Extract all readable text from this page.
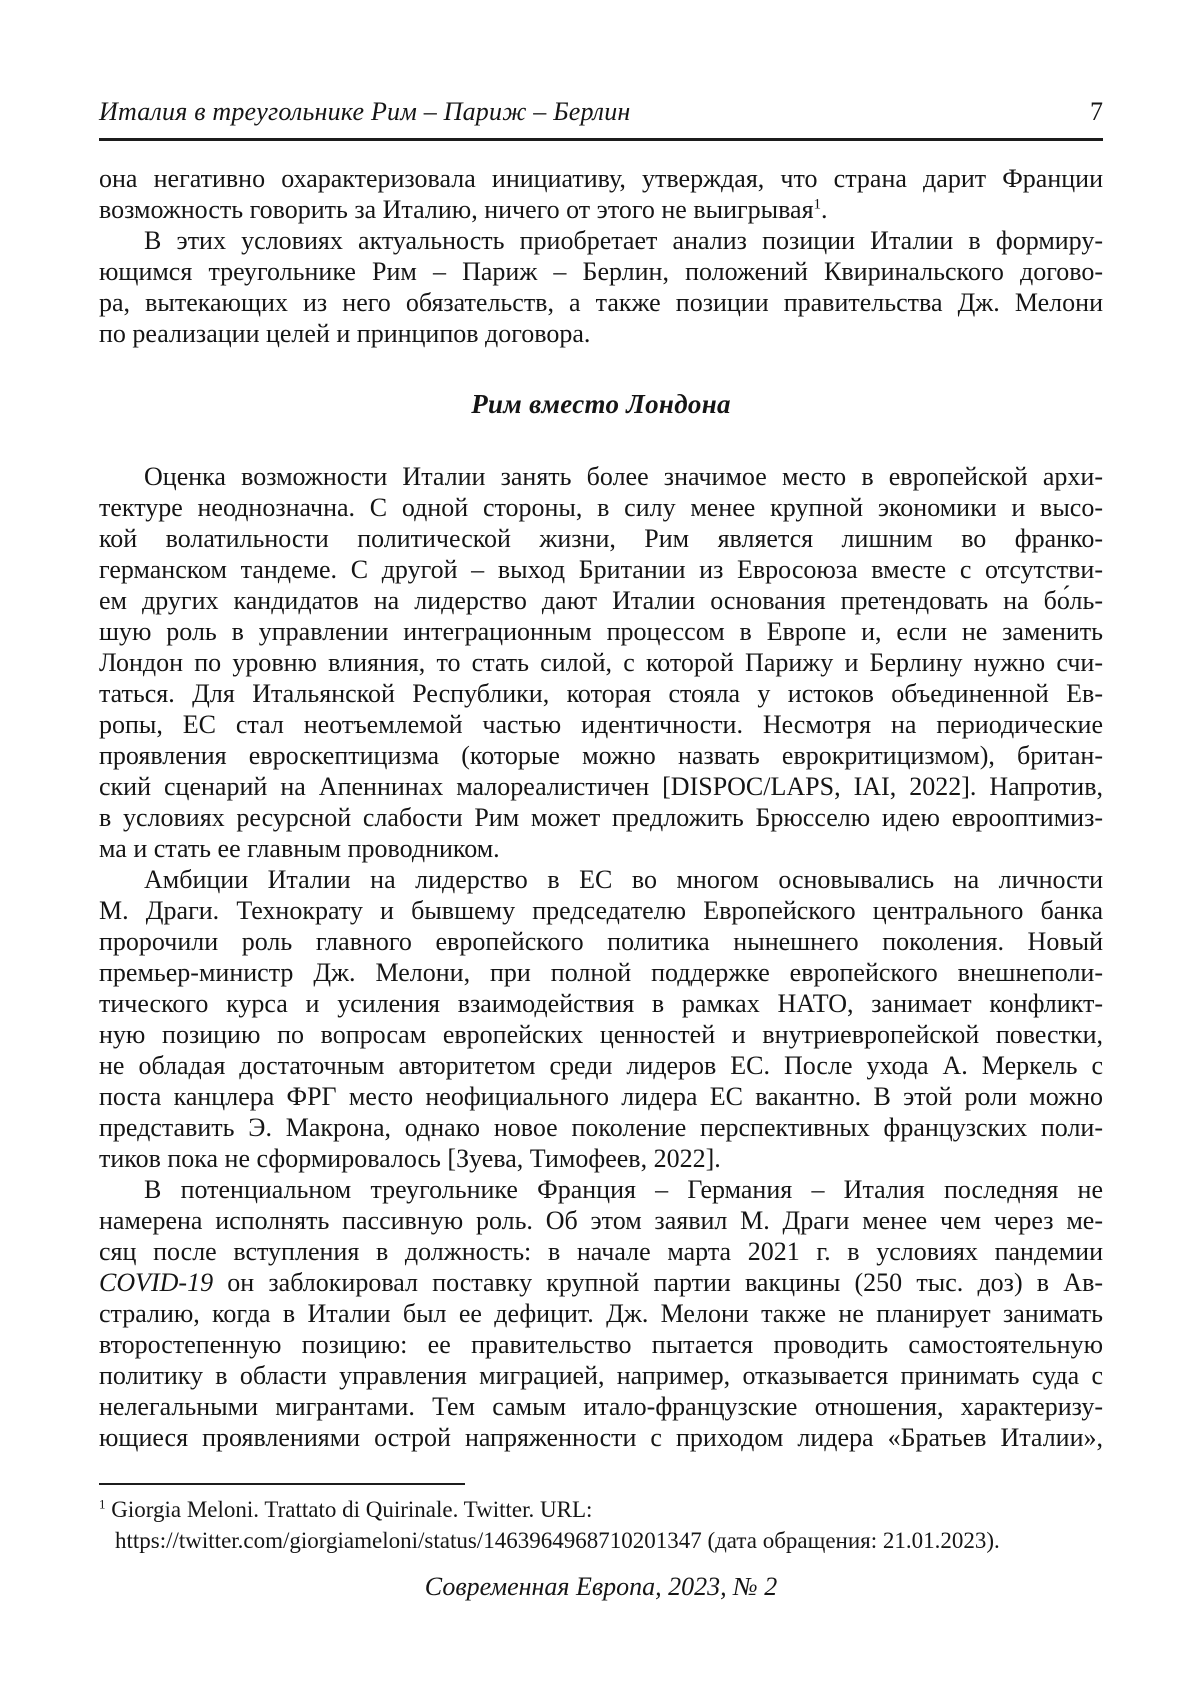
Италия в треугольнике Рим – Париж – Берлин	7
она негативно охарактеризовала инициативу, утверждая, что страна дарит Франции
возможность говорить за Италию, ничего от этого не выигрывая$^1$.
В этих условиях актуальность приобретает анализ позиции Италии в формиру-
ющимся треугольнике Рим – Париж – Берлин, положений Квиринальского догово-
ра, вытекающих из него обязательств, а также позиции правительства Дж. Мелони
по реализации целей и принципов договора.
Рим вместо Лондона
Оценка возможности Италии занять более значимое место в европейской архи-
тектуре неоднозначна. С одной стороны, в силу менее крупной экономики и высо-
кой волатильности политической жизни, Рим является лишним во франко-
германском тандеме. С другой – выход Британии из Евросоюза вместе с отсутстви-
ем других кандидатов на лидерство дают Италии основания претендовать на бо́ль-
шую роль в управлении интеграционным процессом в Европе и, если не заменить
Лондон по уровню влияния, то стать силой, с которой Парижу и Берлину нужно счи-
таться. Для Итальянской Республики, которая стояла у истоков объединенной Ев-
ропы, ЕС стал неотъемлемой частью идентичности. Несмотря на периодические
проявления евроскептицизма (которые можно назвать еврокритицизмом), британ-
ский сценарий на Апеннинах малореалистичен [DISPOC/LAPS, IAI, 2022]. Напротив,
в условиях ресурсной слабости Рим может предложить Брюсселю идею еврооптимиз-
ма и стать ее главным проводником.
Амбиции Италии на лидерство в ЕС во многом основывались на личности
М. Драги. Технократу и бывшему председателю Европейского центрального банка
пророчили роль главного европейского политика нынешнего поколения. Новый
премьер-министр Дж. Мелони, при полной поддержке европейского внешнеполи-
тического курса и усиления взаимодействия в рамках НАТО, занимает конфликт-
ную позицию по вопросам европейских ценностей и внутриевропейской повестки,
не обладая достаточным авторитетом среди лидеров ЕС. После ухода А. Меркель с
поста канцлера ФРГ место неофициального лидера ЕС вакантно. В этой роли можно
представить Э. Макрона, однако новое поколение перспективных французских поли-
тиков пока не сформировалось [Зуева, Тимофеев, 2022].
В потенциальном треугольнике Франция – Германия – Италия последняя не
намерена исполнять пассивную роль. Об этом заявил М. Драги менее чем через ме-
сяц после вступления в должность: в начале марта 2021 г. в условиях пандемии
COVID-19 он заблокировал поставку крупной партии вакцины (250 тыс. доз) в Ав-
стралию, когда в Италии был ее дефицит. Дж. Мелони также не планирует занимать
второстепенную позицию: ее правительство пытается проводить самостоятельную
политику в области управления миграцией, например, отказывается принимать суда с
нелегальными мигрантами. Тем самым итало-французские отношения, характеризу-
ющиеся проявлениями острой напряженности с приходом лидера «Братьев Италии»,
$^1$ Giorgia Meloni. Trattato di Quirinale. Twitter. URL:
https://twitter.com/giorgiameloni/status/1463964968710201347 (дата обращения: 21.01.2023).
Современная Европа, 2023, № 2
